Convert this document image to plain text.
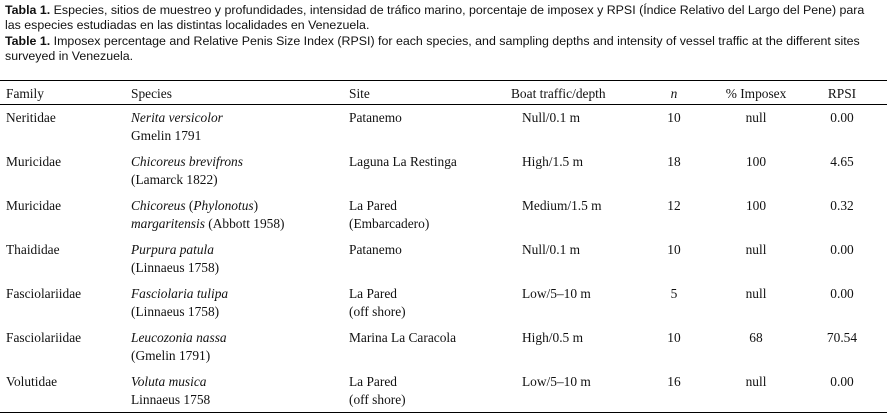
Tabla 1. Especies, sitios de muestreo y profundidades, intensidad de tráfico marino, porcentaje de imposex y RPSI (Índice Relativo del Largo del Pene) para las especies estudiadas en las distintas localidades en Venezuela.

Table 1. Imposex percentage and Relative Penis Size Index (RPSI) for each species, and sampling depths and intensity of vessel traffic at the different sites surveyed in Venezuela.

Family	Species	Site	Boat traffic/depth	n	% Imposex	RPSI
Neritidae	Nerita versicolor
Gmelin 1791
Patanemo	Null/0.1 m	10	null	0.00
Muricidae	Chicoreus brevifrons
(Lamarck 1822)
Laguna La Restinga	High/1.5 m	18	100	4.65
Muricidae	Chicoreus (Phylonotus)
margaritensis (Abbott 1958)
La Pared
(Embarcadero)
Medium/1.5 m	12	100	0.32
Thaididae	Purpura patula
(Linnaeus 1758)
Patanemo	Null/0.1 m	10	null	0.00
Fasciolariidae	Fasciolaria tulipa
(Linnaeus 1758)
La Pared
(off shore)
Low/5–10 m	5	null	0.00
Fasciolariidae	Leucozonia nassa
(Gmelin 1791)
Marina La Caracola	High/0.5 m	10	68	70.54
Volutidae	Voluta musica
Linnaeus 1758
La Pared
(off shore)
Low/5–10 m	16	null	0.00
